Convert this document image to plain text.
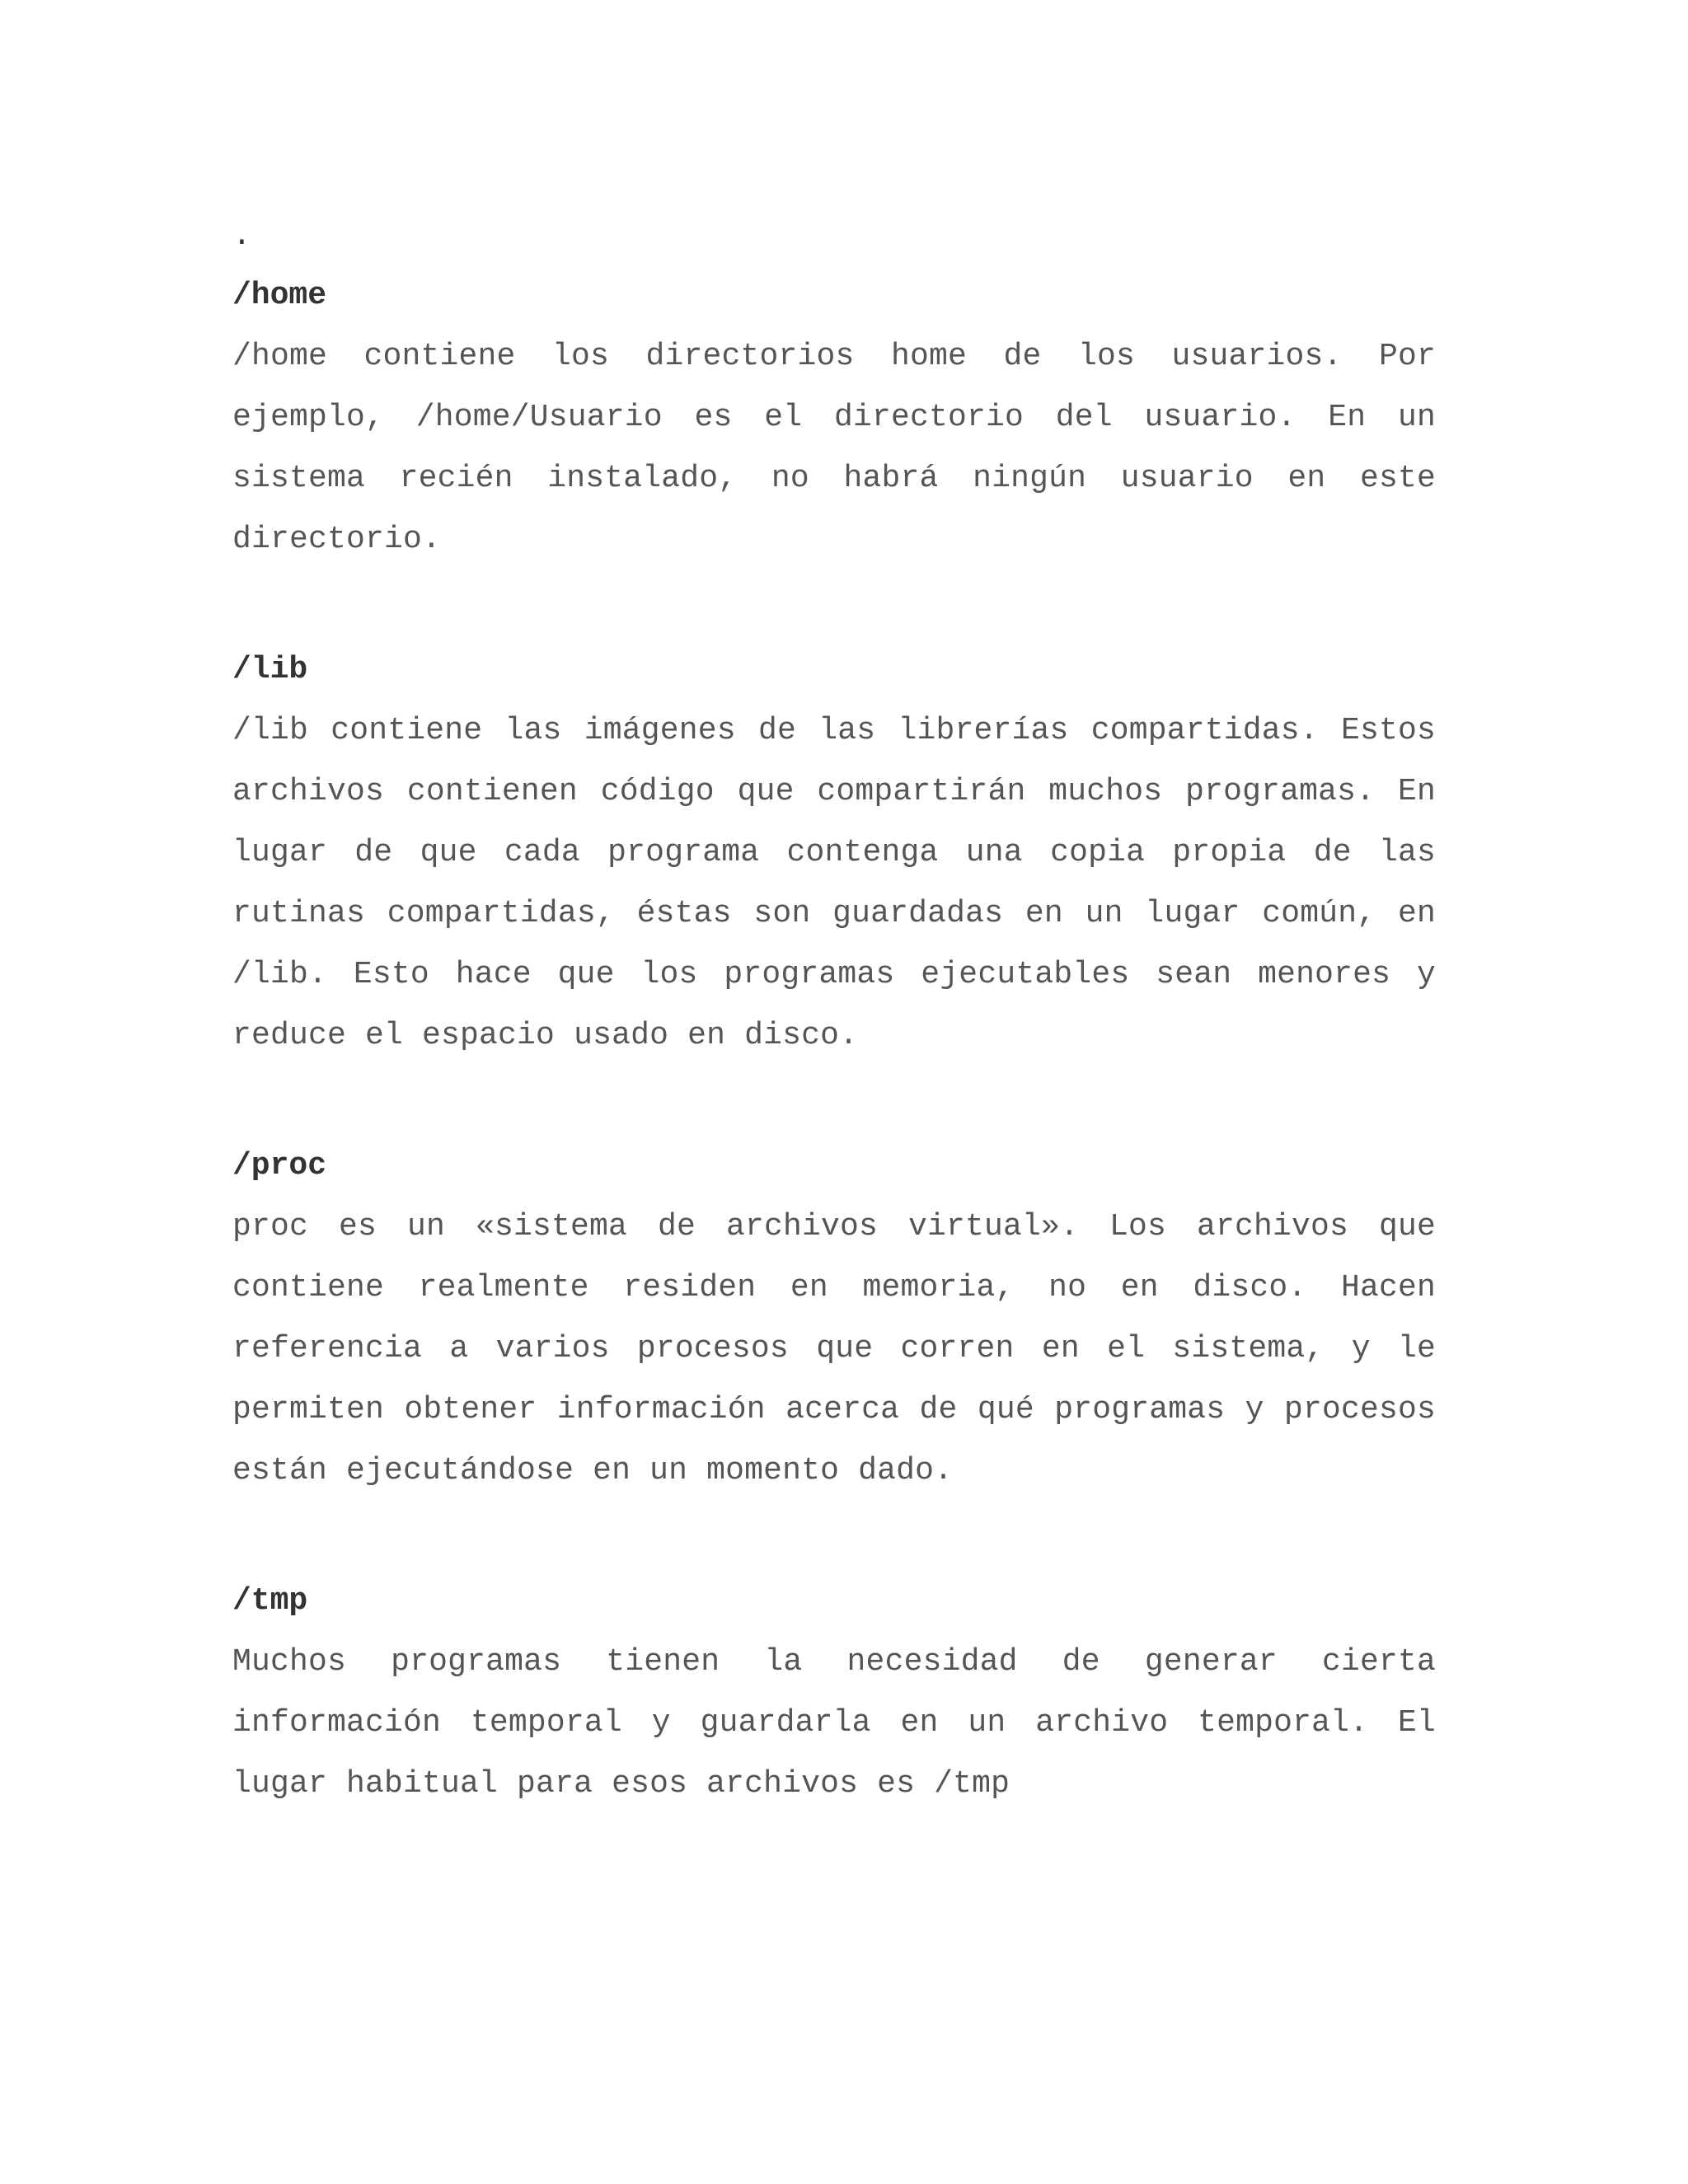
.
/home

/home contiene los directorios home de los usuarios. Por ejemplo, /home/Usuario es el directorio del usuario. En un sistema recién instalado, no habrá ningún usuario en este directorio.

/lib

/lib contiene las imágenes de las librerías compartidas. Estos archivos contienen código que compartirán muchos programas. En lugar de que cada programa contenga una copia propia de las rutinas compartidas, éstas son guardadas en un lugar común, en /lib. Esto hace que los programas ejecutables sean menores y reduce el espacio usado en disco.

/proc

proc es un «sistema de archivos virtual». Los archivos que contiene realmente residen en memoria, no en disco. Hacen referencia a varios procesos que corren en el sistema, y le permiten obtener información acerca de qué programas y procesos están ejecutándose en un momento dado.

/tmp

Muchos programas tienen la necesidad de generar cierta información temporal y guardarla en un archivo temporal. El lugar habitual para esos archivos es /tmp
